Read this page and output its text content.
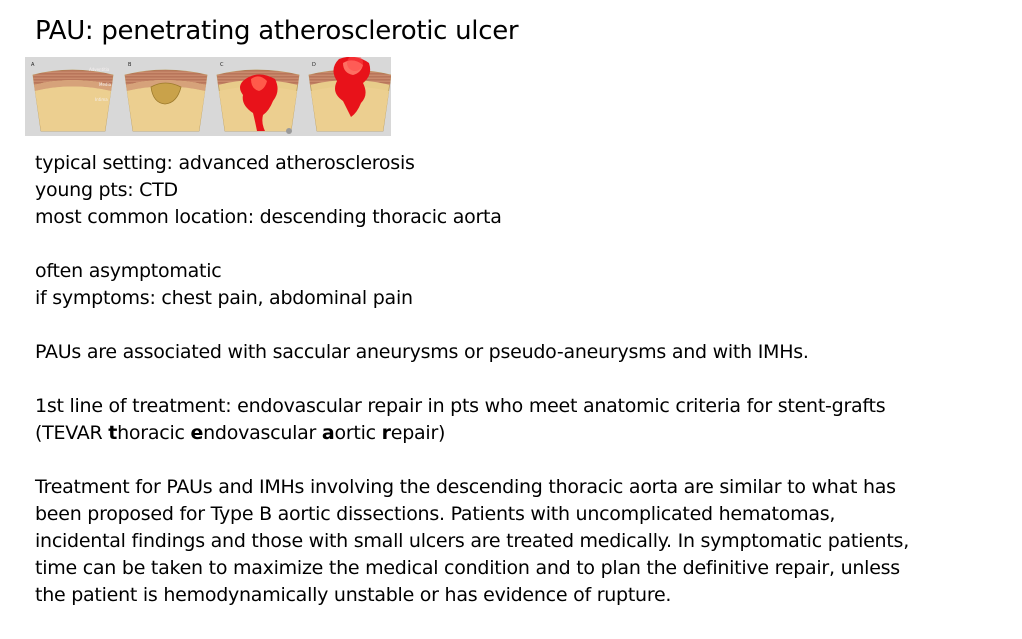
PAU: penetrating atherosclerotic ulcer
A
Adventitia
Media
Intima
B	C	D

typical setting: advanced atherosclerosis

young pts: CTD

most common location: descending thoracic aorta

often asymptomatic

if symptoms: chest pain, abdominal pain

PAUs are associated with saccular aneurysms or pseudo-aneurysms and with IMHs.

1st line of treatment: endovascular repair in pts who meet anatomic criteria for stent-grafts

(TEVAR thoracic endovascular aortic repair)

Treatment for PAUs and IMHs involving the descending thoracic aorta are similar to what has

been proposed for Type B aortic dissections. Patients with uncomplicated hematomas,

incidental findings and those with small ulcers are treated medically. In symptomatic patients,

time can be taken to maximize the medical condition and to plan the definitive repair, unless

the patient is hemodynamically unstable or has evidence of rupture.
